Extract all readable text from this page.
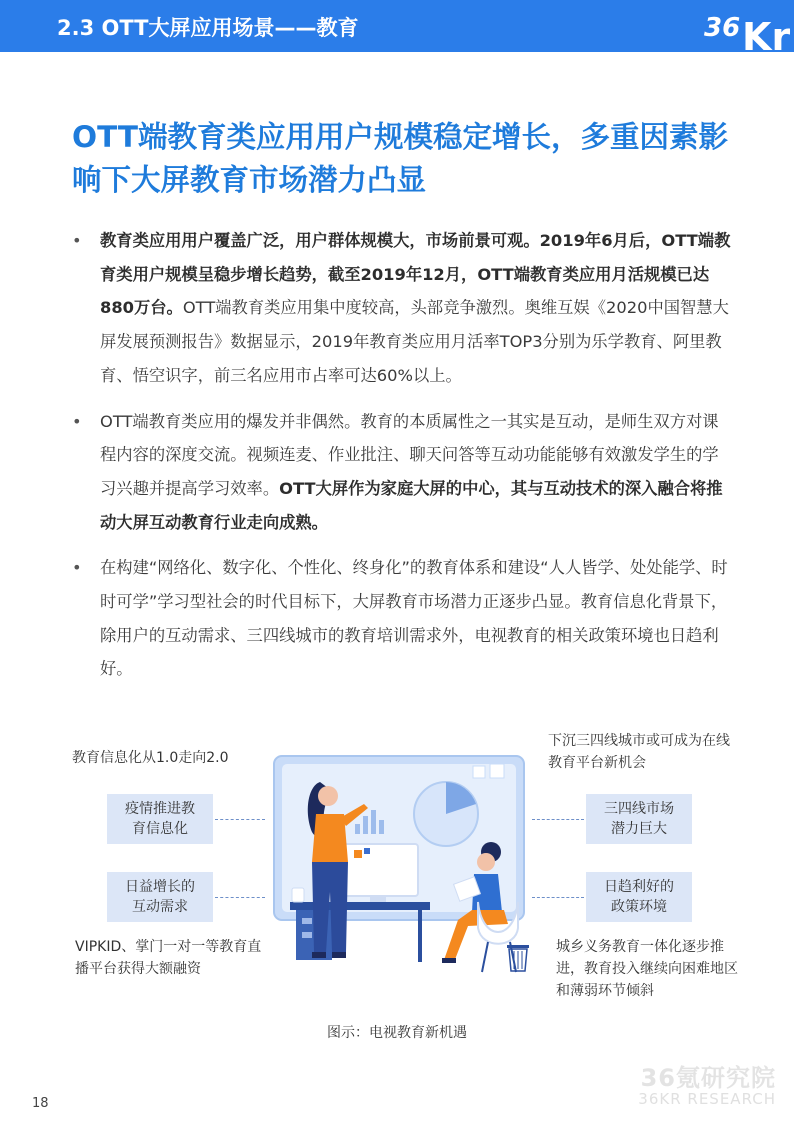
2.3 OTT大屏应用场景——教育	36 Kr
OTT端教育类应用用户规模稳定增长，多重因素影响下大屏教育市场潜力凸显
• 教育类应用用户覆盖广泛，用户群体规模大，市场前景可观。2019年6月后，OTT端教育类用户规模呈稳步增长趋势，截至2019年12月，OTT端教育类应用月活规模已达880万台。OTT端教育类应用集中度较高，头部竞争激烈。奥维互娱《2020中国智慧大屏发展预测报告》数据显示，2019年教育类应用月活率TOP3分别为乐学教育、阿里教育、悟空识字，前三名应用市占率可达60%以上。
• OTT端教育类应用的爆发并非偶然。教育的本质属性之一其实是互动，是师生双方对课程内容的深度交流。视频连麦、作业批注、聊天问答等互动功能能够有效激发学生的学习兴趣并提高学习效率。OTT大屏作为家庭大屏的中心，其与互动技术的深入融合将推动大屏互动教育行业走向成熟。
• 在构建“网络化、数字化、个性化、终身化”的教育体系和建设“人人皆学、处处能学、时时可学”学习型社会的时代目标下，大屏教育市场潜力正逐步凸显。教育信息化背景下，除用户的互动需求、三四线城市的教育培训需求外，电视教育的相关政策环境也日趋利好。
教育信息化从1.0走向2.0
疫情推进教育信息化
日益增长的互动需求
VIPKID、掌门一对一等教育直播平台获得大额融资
下沉三四线城市或可成为在线教育平台新机会
三四线市场潜力巨大
日趋利好的政策环境
城乡义务教育一体化逐步推进，教育投入继续向困难地区和薄弱环节倾斜
图示：电视教育新机遇
36氪研究院
36KR RESEARCH
18
